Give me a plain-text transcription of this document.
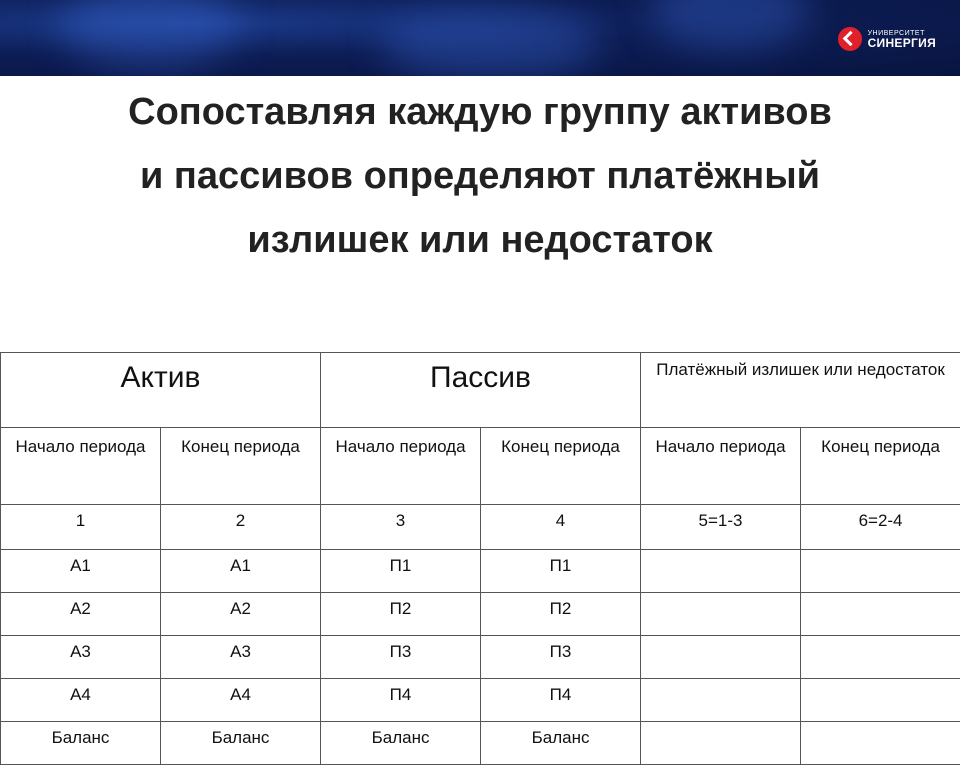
УНИВЕРСИТЕТ
СИНЕРГИЯ
Сопоставляя каждую группу активов
и пассивов определяют платёжный
излишек или недостаток
Актив		Пассив		Платёжный излишек или недостаток	
Начало периода	Конец периода	Начало периода	Конец периода	Начало периода	Конец периода
1	2	3	4	5=1-3	6=2-4
А1	А1	П1	П1		
А2	А2	П2	П2		
А3	А3	П3	П3		
А4	А4	П4	П4		
Баланс	Баланс	Баланс	Баланс		
